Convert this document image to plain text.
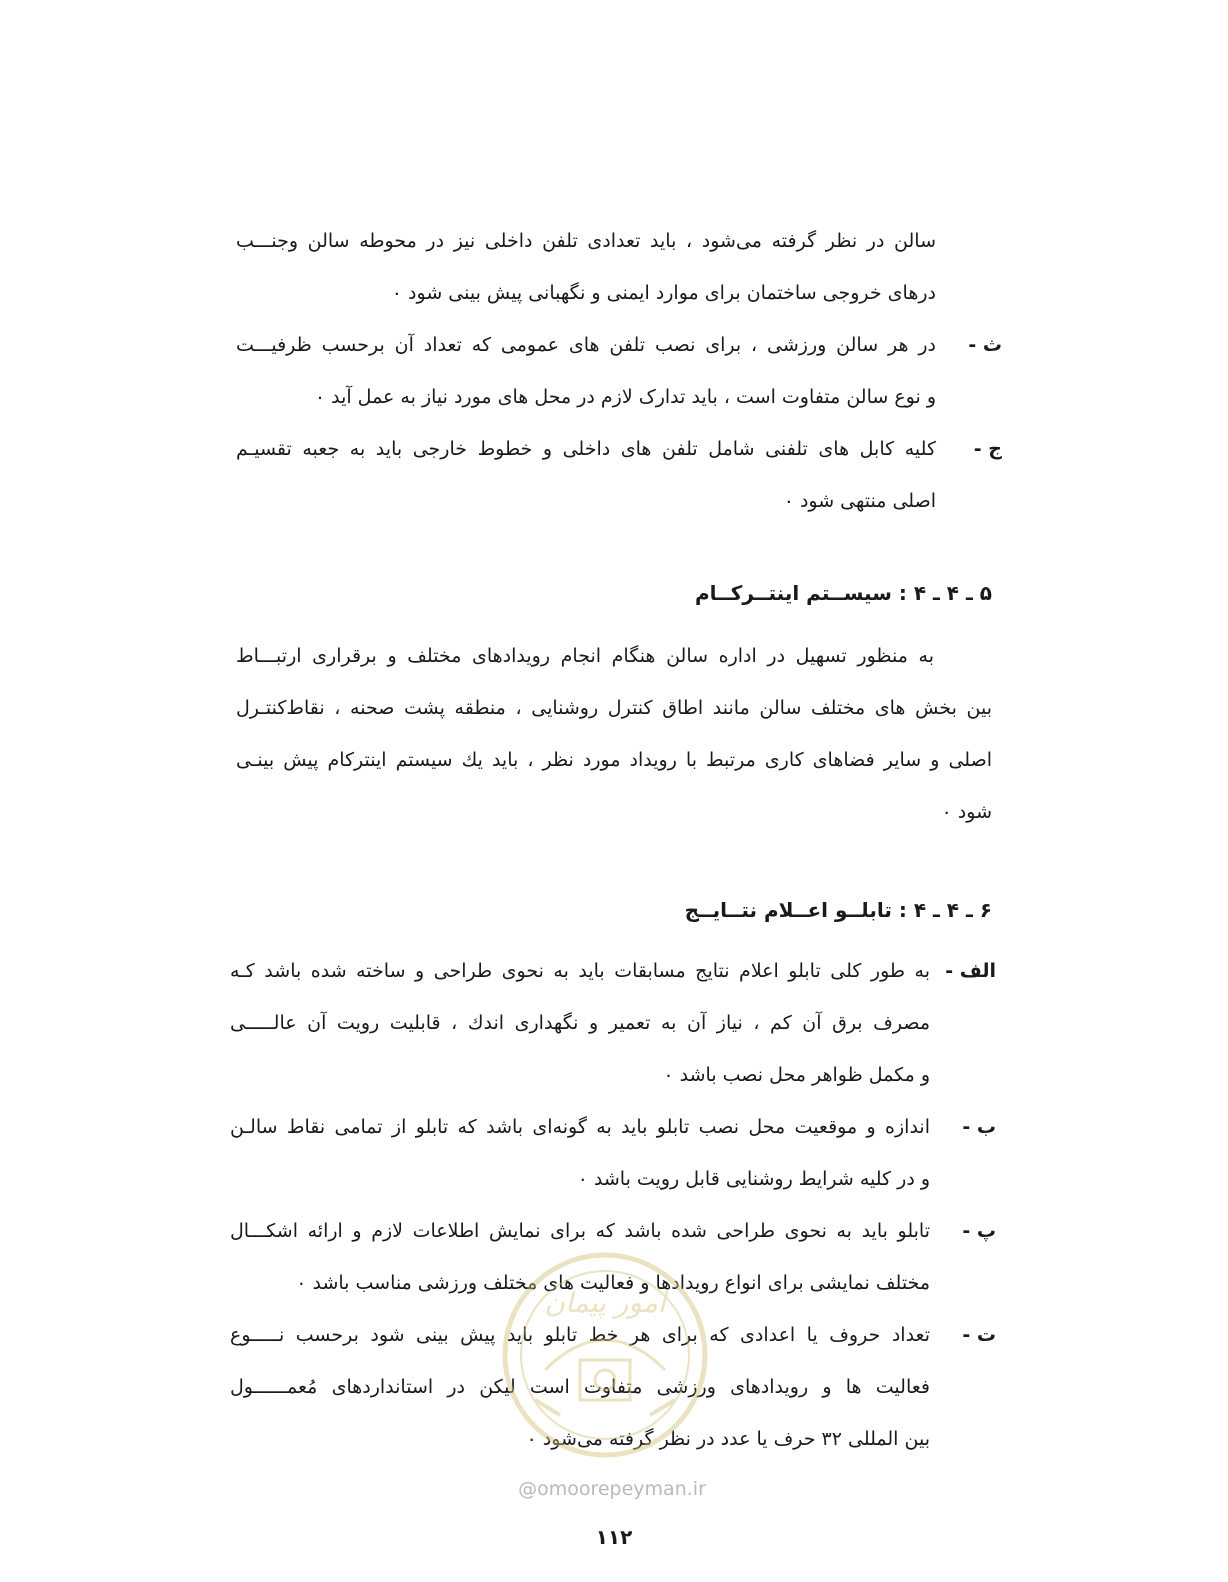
سالن در نظر گرفته می‌شود ، باید تعدادی تلفن داخلی نیز در محوطه سالن وجنـــب
درهای خروجی ساختمان برای موارد ایمنی و نگهبانی پیش بینی شود ٠
ث -
در هر سالن ورزشی ، برای نصب تلفن های عمومی که تعداد آن برحسب ظرفیـــت
و نوع سالن متفاوت است ، باید تدارک لازم در محل های مورد نیاز به عمل آید ٠
ج -
کلیه کابل های تلفنی شامل تلفن های داخلی و خطوط خارجی باید به جعبه تقسیـم
اصلی منتهی شود ٠
۵ ـ ۴ ـ ۴ : سیســتم اینتــرکــام
به منظور تسهیل در اداره سالن هنگام انجام رویدادهای مختلف و برقراری ارتبـــاط
بین بخش های مختلف سالن مانند اطاق کنترل روشنایی ، منطقه پشت صحنه ، نقاط‌کنتـرل
اصلی و سایر فضاهای کاری مرتبط با رویداد مورد نظر ، باید یك سیستم اینترکام پیش بینـی
شود ٠
۶ ـ ۴ ـ ۴ : تابلــو اعــلام نتــایــج
الف -
به طور کلی تابلو اعلام نتایج مسابقات باید به نحوی طراحی و ساخته شده باشد کـه
مصرف برق آن کم ، نیاز آن به تعمیر و نگهداری اندك ، قابلیت رویت آن عالـــــی
و مکمل ظواهر محل نصب باشد ٠
ب -
اندازه و موقعیت محل نصب تابلو باید به گونه‌ای باشد که تابلو از تمامی نقاط سالـن
و در کلیه شرایط روشنایی قابل رویت باشد ٠
پ -
تابلو باید به نحوی طراحی شده باشد که برای نمایش اطلاعات لازم و ارائه اشکـــال
مختلف نمایشی برای انواع رویدادها و فعالیت های مختلف ورزشی مناسب باشد ٠
ت -
تعداد حروف یا اعدادی که برای هر خط تابلو باید پیش بینی شود برحسب نـــــوع
فعالیت ها و رویدادهای ورزشی متفاوت است لیکن در استانداردهای مُعمــــــول
بین المللی ۳۲ حرف یا عدد در نظر گرفته می‌شود ٠
امور پیمان
@omoorepeyman.ir
۱۱۲
